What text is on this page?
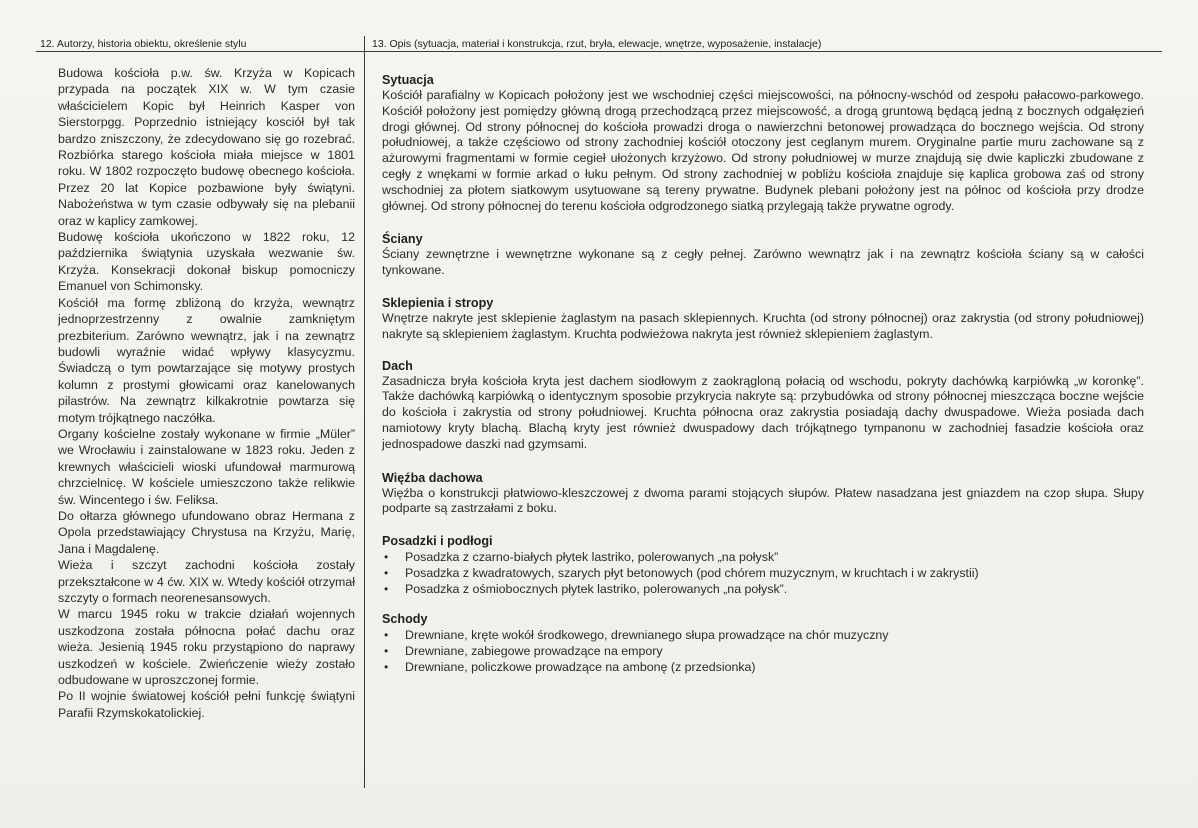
12. Autorzy, historia obiektu, określenie stylu	13. Opis (sytuacja, materiał i konstrukcja, rzut, bryła, elewacje, wnętrze, wyposażenie, instalacje)

Budowa kościoła p.w. św. Krzyża w Kopicach przypada na początek XIX w. W tym czasie właścicielem Kopic był Heinrich Kasper von Sierstorpgg. Poprzednio istniejący kosciół był tak bardzo zniszczony, że zdecydowano się go rozebrać. Rozbiórka starego kościoła miała miejsce w 1801 roku. W 1802 rozpoczęto budowę obecnego kościoła. Przez 20 lat Kopice pozbawione były świątyni. Nabożeństwa w tym czasie odbywały się na plebanii oraz w kaplicy zamkowej.

Budowę kościoła ukończono w 1822 roku, 12 października świątynia uzyskała wezwanie św. Krzyża. Konsekracji dokonał biskup pomocniczy Emanuel von Schimonsky.

Kościół ma formę zbliżoną do krzyża, wewnątrz jednoprzestrzenny z owalnie zamkniętym prezbiterium. Zarówno wewnątrz, jak i na zewnątrz budowli wyraźnie widać wpływy klasycyzmu. Świadczą o tym powtarzające się motywy prostych kolumn z prostymi głowicami oraz kanelowanych pilastrów. Na zewnątrz kilkakrotnie powtarza się motym trójkątnego naczółka.

Organy kościelne zostały wykonane w firmie „Müler” we Wrocławiu i zainstalowane w 1823 roku. Jeden z krewnych właścicieli wioski ufundował marmurową chrzcielnicę. W kościele umieszczono także relikwie św. Wincentego i św. Feliksa.

Do ołtarza głównego ufundowano obraz Hermana z Opola przedstawiający Chrystusa na Krzyżu, Marię, Jana i Magdalenę.

Wieża i szczyt zachodni kościoła zostały przekształcone w 4 ćw. XIX w. Wtedy kościół otrzymał szczyty o formach neorenesansowych.

W marcu 1945 roku w trakcie działań wojennych uszkodzona została północna połać dachu oraz wieża. Jesienią 1945 roku przystąpiono do naprawy uszkodzeń w kościele. Zwieńczenie wieży zostało odbudowane w uproszczonej formie.

Po II wojnie światowej kościół pełni funkcję świątyni Parafii Rzymskokatolickiej.

Sytuacja

Kościół parafialny w Kopicach położony jest we wschodniej części miejscowości, na północny-wschód od zespołu pałacowo-parkowego. Kościół położony jest pomiędzy główną drogą przechodzącą przez miejscowość, a drogą gruntową będącą jedną z bocznych odgałęzień drogi głównej. Od strony północnej do kościoła prowadzi droga o nawierzchni betonowej prowadząca do bocznego wejścia. Od strony południowej, a także częściowo od strony zachodniej kościół otoczony jest ceglanym murem. Oryginalne partie muru zachowane są z ażurowymi fragmentami w formie cegieł ułożonych krzyżowo. Od strony południowej w murze znajdują się dwie kapliczki zbudowane z cegły z wnękami w formie arkad o łuku pełnym. Od strony zachodniej w pobliżu kościoła znajduje się kaplica grobowa zaś od strony wschodniej za płotem siatkowym usytuowane są tereny prywatne. Budynek plebani położony jest na północ od kościoła przy drodze głównej. Od strony północnej do terenu kościoła odgrodzonego siatką przylegają także prywatne ogrody.

Ściany

Ściany zewnętrzne i wewnętrzne wykonane są z cegły pełnej. Zarówno wewnątrz jak i na zewnątrz kościoła ściany są w całości tynkowane.

Sklepienia i stropy

Wnętrze nakryte jest sklepienie żaglastym na pasach sklepiennych. Kruchta (od strony północnej) oraz zakrystia (od strony południowej) nakryte są sklepieniem żaglastym. Kruchta podwieżowa nakryta jest również sklepieniem żaglastym.

Dach

Zasadnicza bryła kościoła kryta jest dachem siodłowym z zaokrągloną połacią od wschodu, pokryty dachówką karpiówką „w koronkę”. Także dachówką karpiówką o identycznym sposobie przykrycia nakryte są: przybudówka od strony północnej mieszcząca boczne wejście do kościoła i zakrystia od strony południowej. Kruchta północna oraz zakrystia posiadają dachy dwuspadowe. Wieża posiada dach namiotowy kryty blachą. Blachą kryty jest również dwuspadowy dach trójkątnego tympanonu w zachodniej fasadzie kościoła oraz jednospadowe daszki nad gzymsami.

Więźba dachowa

Więźba o konstrukcji płatwiowo-kleszczowej z dwoma parami stojących słupów. Płatew nasadzana jest gniazdem na czop słupa. Słupy podparte są zastrzałami z boku.

Posadzki i podłogi
• Posadzka z czarno-białych płytek lastriko, polerowanych „na połysk”
• Posadzka z kwadratowych, szarych płyt betonowych (pod chórem muzycznym, w kruchtach i w zakrystii)
• Posadzka z ośmiobocznych płytek lastriko, polerowanych „na połysk”.
Schody
• Drewniane, kręte wokół środkowego, drewnianego słupa prowadzące na chór muzyczny
• Drewniane, zabiegowe prowadzące na empory
• Drewniane, policzkowe prowadzące na ambonę (z przedsionka)
